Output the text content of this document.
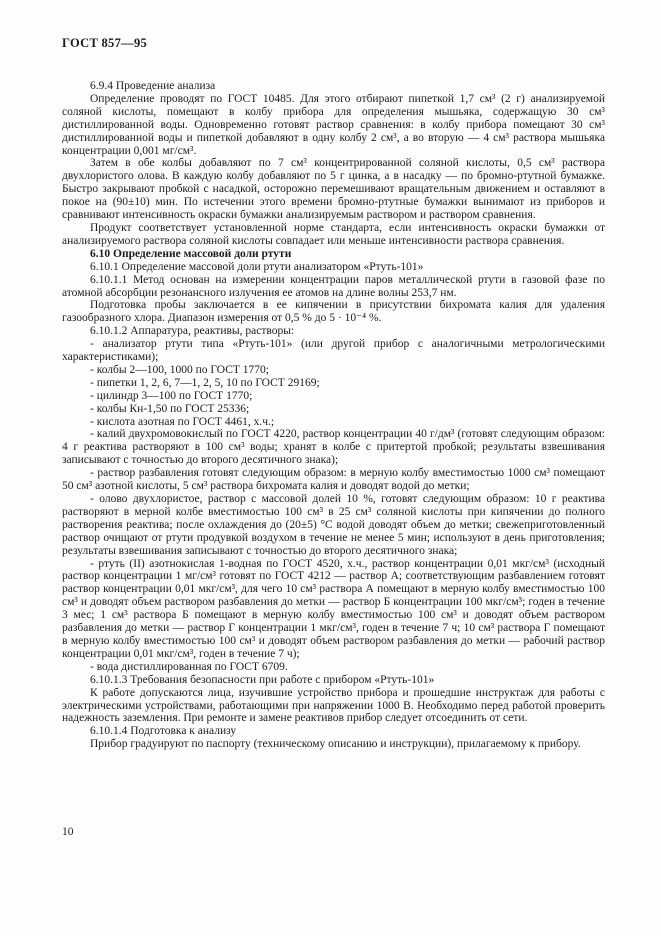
ГОСТ 857—95

6.9.4 Проведение анализа

Определение проводят по ГОСТ 10485. Для этого отбирают пипеткой 1,7 см³ (2 г) анализируемой соляной кислоты, помещают в колбу прибора для определения мышьяка, содержащую 30 см³ дистиллированной воды. Одновременно готовят раствор сравнения: в колбу прибора помещают 30 см³ дистиллированной воды и пипеткой добавляют в одну колбу 2 см³, а во вторую — 4 см³ раствора мышьяка концентрации 0,001 мг/см³.

Затем в обе колбы добавляют по 7 см³ концентрированной соляной кислоты, 0,5 см³ раствора двухлористого олова. В каждую колбу добавляют по 5 г цинка, а в насадку — по бромно-ртутной бумажке. Быстро закрывают пробкой с насадкой, осторожно перемешивают вращательным движением и оставляют в покое на (90±10) мин. По истечении этого времени бромно-ртутные бумажки вынимают из приборов и сравнивают интенсивность окраски бумажки анализируемым раствором и раствором сравнения.

Продукт соответствует установленной норме стандарта, если интенсивность окраски бумажки от анализируемого раствора соляной кислоты совпадает или меньше интенсивности раствора сравнения.

6.10 Определение массовой доли ртути

6.10.1 Определение массовой доли ртути анализатором «Ртуть-101»

6.10.1.1 Метод основан на измерении концентрации паров металлической ртути в газовой фазе по атомной абсорбции резонансного излучения ее атомов на длине волны 253,7 нм.

Подготовка пробы заключается в ее кипячении в присутствии бихромата калия для удаления газообразного хлора. Диапазон измерения от 0,5 % до 5 · 10⁻⁴ %.

6.10.1.2 Аппаратура, реактивы, растворы:

- анализатор ртути типа «Ртуть-101» (или другой прибор с аналогичными метрологическими характеристиками);

- колбы 2—100, 1000 по ГОСТ 1770;

- пипетки 1, 2, 6, 7—1, 2, 5, 10 по ГОСТ 29169;

- цилиндр 3—100 по ГОСТ 1770;

- колбы Кн-1,50 по ГОСТ 25336;

- кислота азотная по ГОСТ 4461, х.ч.;

- калий двухромовокислый по ГОСТ 4220, раствор концентрации 40 г/дм³ (готовят следующим образом: 4 г реактива растворяют в 100 см³ воды; хранят в колбе с притертой пробкой; результаты взвешивания записывают с точностью до второго десятичного знака);

- раствор разбавления готовят следующим образом: в мерную колбу вместимостью 1000 см³ помещают 50 см³ азотной кислоты, 5 см³ раствора бихромата калия и доводят водой до метки;

- олово двухлористое, раствор с массовой долей 10 %, готовят следующим образом: 10 г реактива растворяют в мерной колбе вместимостью 100 см³ в 25 см³ соляной кислоты при кипячении до полного растворения реактива; после охлаждения до (20±5) °С водой доводят объем до метки; свежеприготовленный раствор очищают от ртути продувкой воздухом в течение не менее 5 мин; используют в день приготовления; результаты взвешивания записывают с точностью до второго десятичного знака;

- ртуть (II) азотнокислая 1-водная по ГОСТ 4520, х.ч., раствор концентрации 0,01 мкг/см³ (исходный раствор концентрации 1 мг/см³ готовят по ГОСТ 4212 — раствор А; соответствующим разбавлением готовят раствор концентрации 0,01 мкг/см³, для чего 10 см³ раствора А помещают в мерную колбу вместимостью 100 см³ и доводят объем раствором разбавления до метки — раствор Б концентрации 100 мкг/см³; годен в течение 3 мес; 1 см³ раствора Б помещают в мерную колбу вместимостью 100 см³ и доводят объем раствором разбавления до метки — раствор Г концентрации 1 мкг/см³, годен в течение 7 ч; 10 см³ раствора Г помещают в мерную колбу вместимостью 100 см³ и доводят объем раствором разбавления до метки — рабочий раствор концентрации 0,01 мкг/см³, годен в течение 7 ч);

- вода дистиллированная по ГОСТ 6709.

6.10.1.3 Требования безопасности при работе с прибором «Ртуть-101»

К работе допускаются лица, изучившие устройство прибора и прошедшие инструктаж для работы с электрическими устройствами, работающими при напряжении 1000 В. Необходимо перед работой проверить надежность заземления. При ремонте и замене реактивов прибор следует отсоединить от сети.

6.10.1.4 Подготовка к анализу

Прибор градуируют по паспорту (техническому описанию и инструкции), прилагаемому к прибору.

10
